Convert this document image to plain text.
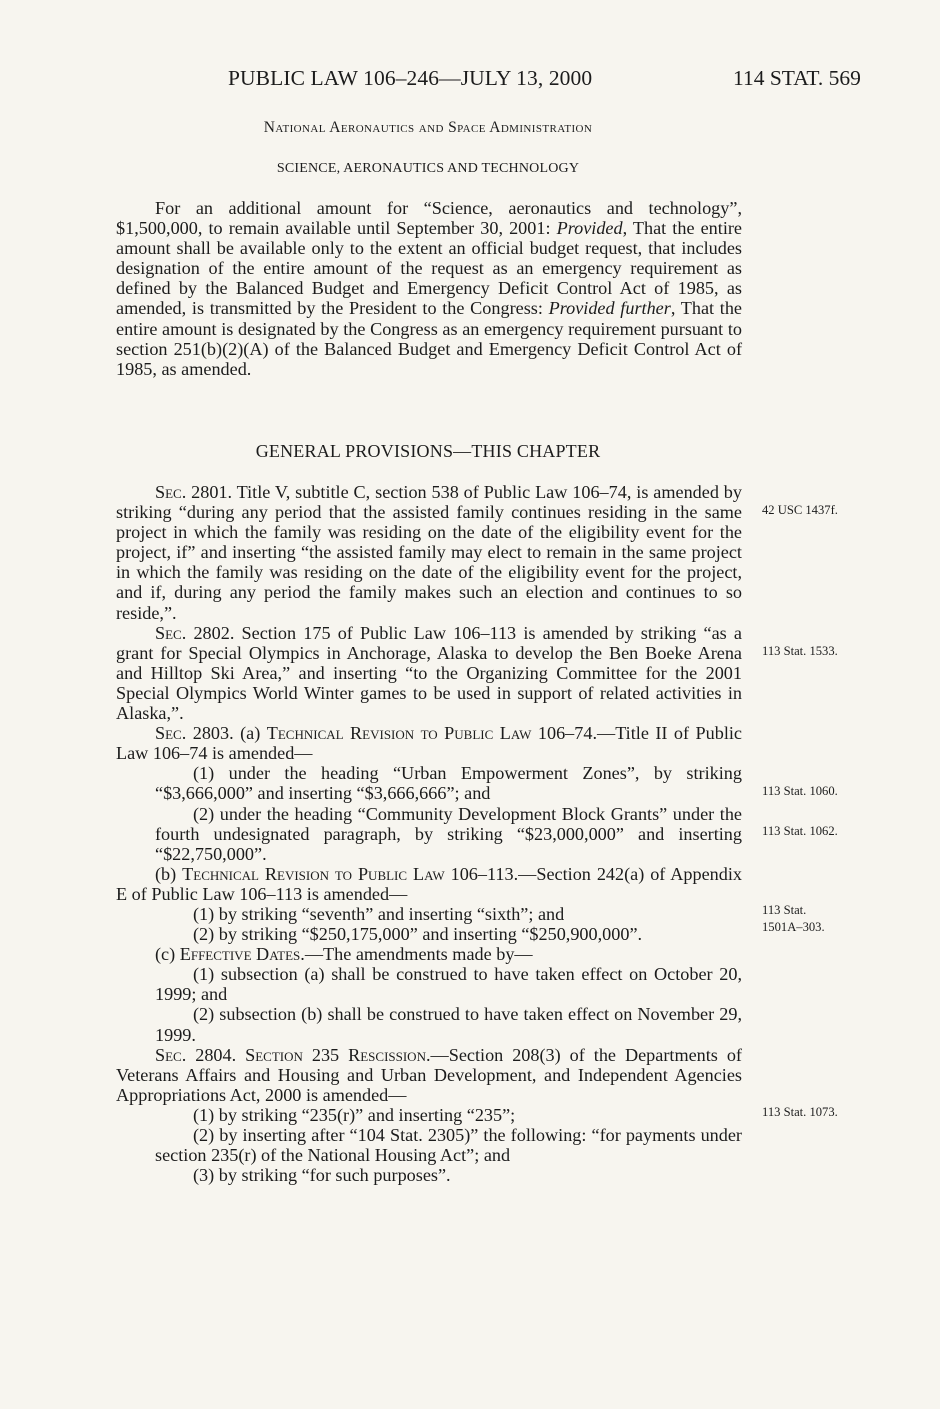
PUBLIC LAW 106–246—JULY 13, 2000	114 STAT. 569
National Aeronautics and Space Administration
SCIENCE, AERONAUTICS AND TECHNOLOGY

For an additional amount for “Science, aeronautics and technology”, $1,500,000, to remain available until September 30, 2001: Provided, That the entire amount shall be available only to the extent an official budget request, that includes designation of the entire amount of the request as an emergency requirement as defined by the Balanced Budget and Emergency Deficit Control Act of 1985, as amended, is transmitted by the President to the Congress: Provided further, That the entire amount is designated by the Congress as an emergency requirement pursuant to section 251(b)(2)(A) of the Balanced Budget and Emergency Deficit Control Act of 1985, as amended.

GENERAL PROVISIONS—THIS CHAPTER

Sec. 2801. Title V, subtitle C, section 538 of Public Law 106–74, is amended by striking “during any period that the assisted family continues residing in the same project in which the family was residing on the date of the eligibility event for the project, if” and inserting “the assisted family may elect to remain in the same project in which the family was residing on the date of the eligibility event for the project, and if, during any period the family makes such an election and continues to so reside,”.

Sec. 2802. Section 175 of Public Law 106–113 is amended by striking “as a grant for Special Olympics in Anchorage, Alaska to develop the Ben Boeke Arena and Hilltop Ski Area,” and inserting “to the Organizing Committee for the 2001 Special Olympics World Winter games to be used in support of related activities in Alaska,”.

Sec. 2803. (a) Technical Revision to Public Law 106–74.—Title II of Public Law 106–74 is amended—

(1) under the heading “Urban Empowerment Zones”, by striking “$3,666,000” and inserting “$3,666,666”; and

(2) under the heading “Community Development Block Grants” under the fourth undesignated paragraph, by striking “$23,000,000” and inserting “$22,750,000”.

(b) Technical Revision to Public Law 106–113.—Section 242(a) of Appendix E of Public Law 106–113 is amended—

(1) by striking “seventh” and inserting “sixth”; and

(2) by striking “$250,175,000” and inserting “$250,900,000”.

(c) Effective Dates.—The amendments made by—

(1) subsection (a) shall be construed to have taken effect on October 20, 1999; and

(2) subsection (b) shall be construed to have taken effect on November 29, 1999.

Sec. 2804. Section 235 Rescission.—Section 208(3) of the Departments of Veterans Affairs and Housing and Urban Development, and Independent Agencies Appropriations Act, 2000 is amended—

(1) by striking “235(r)” and inserting “235”;

(2) by inserting after “104 Stat. 2305)” the following: “for payments under section 235(r) of the National Housing Act”; and

(3) by striking “for such purposes”.

42 USC 1437f.
113 Stat. 1533.
113 Stat. 1060.
113 Stat. 1062.
113 Stat.
1501A–303.
113 Stat. 1073.
